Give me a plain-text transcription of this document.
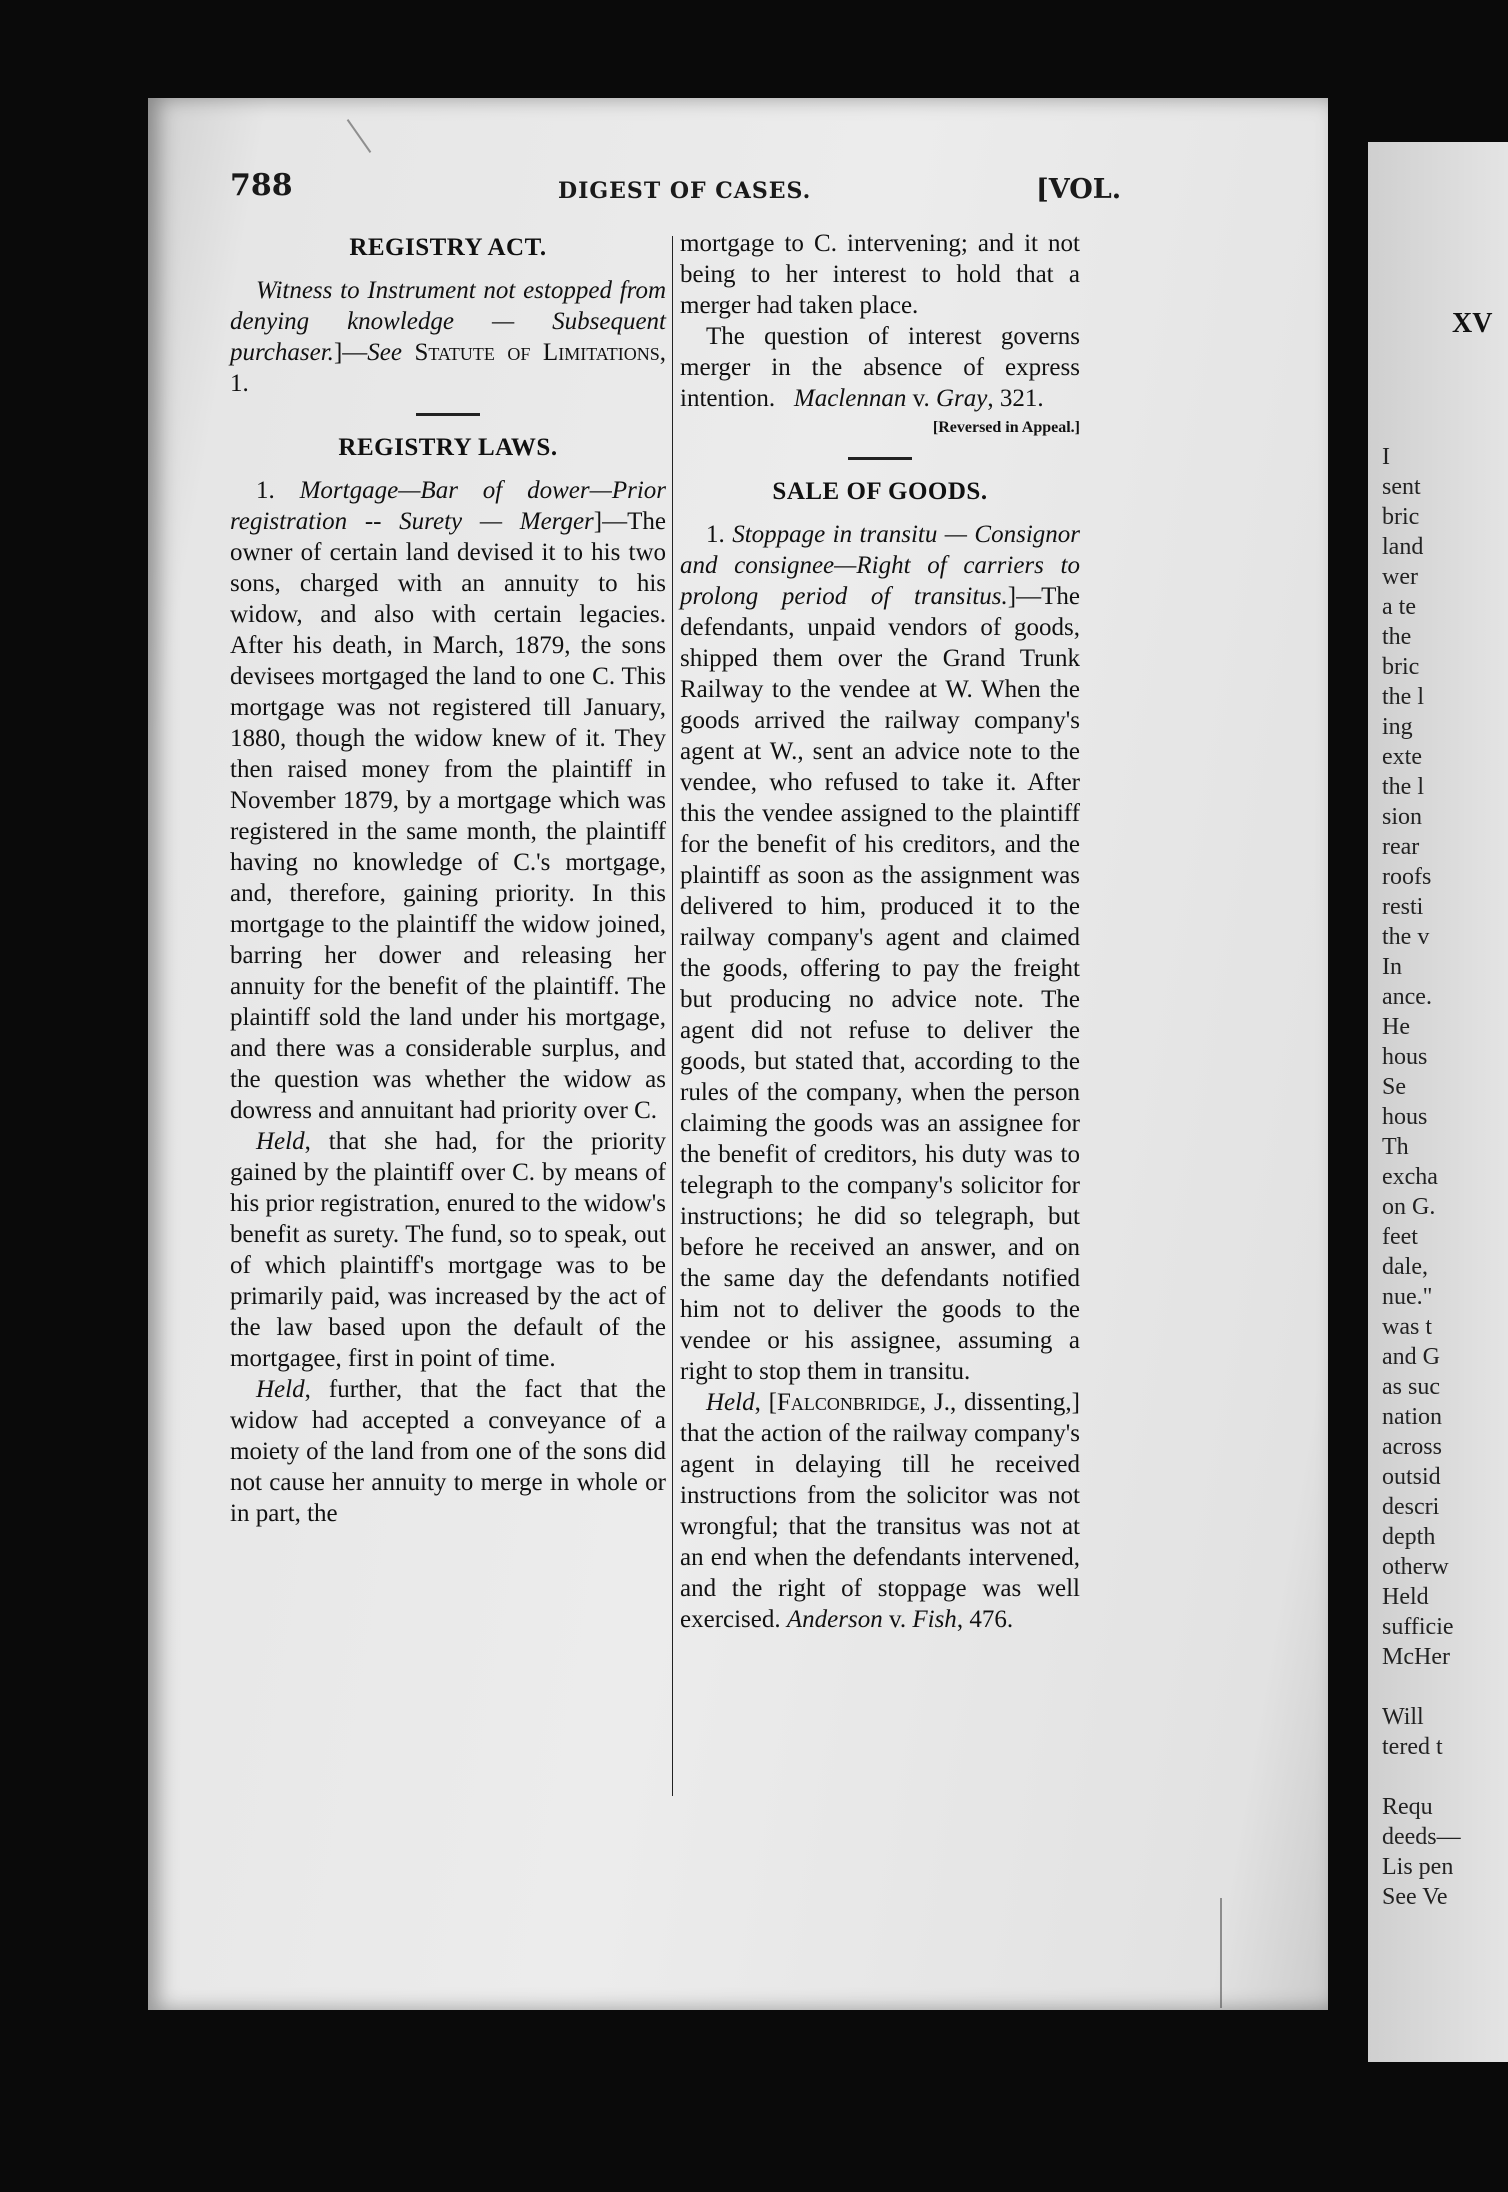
XV
I
sent
bric
land
wer
a te
the
bric
the l
ing
exte
the l
sion
rear
roofs
resti
the v
In
ance.
He
hous
Se
hous
Th
excha
on G.
feet
dale,
nue."
was t
and G
as suc
nation
across
outsid
descri
depth
otherw
Held
sufficie
McHer

Will
tered t

Requ
deeds—
Lis pen
See Ve
788	DIGEST OF CASES.	[VOL.
REGISTRY ACT.

Witness to Instrument not estopped from denying knowledge — Subsequent purchaser.]—See Statute of Limitations, 1.

REGISTRY LAWS.

1. Mortgage—Bar of dower—Prior registration -- Surety — Merger]—The owner of certain land devised it to his two sons, charged with an annuity to his widow, and also with certain legacies. After his death, in March, 1879, the sons devisees mortgaged the land to one C. This mortgage was not registered till January, 1880, though the widow knew of it. They then raised money from the plaintiff in November 1879, by a mortgage which was registered in the same month, the plaintiff having no knowledge of C.'s mortgage, and, therefore, gaining priority. In this mortgage to the plaintiff the widow joined, barring her dower and releasing her annuity for the benefit of the plaintiff. The plaintiff sold the land under his mortgage, and there was a considerable surplus, and the question was whether the widow as dowress and annuitant had priority over C.

Held, that she had, for the priority gained by the plaintiff over C. by means of his prior registration, enured to the widow's benefit as surety. The fund, so to speak, out of which plaintiff's mortgage was to be primarily paid, was increased by the act of the law based upon the default of the mortgagee, first in point of time.

Held, further, that the fact that the widow had accepted a conveyance of a moiety of the land from one of the sons did not cause her annuity to merge in whole or in part, the

mortgage to C. intervening; and it not being to her interest to hold that a merger had taken place.

The question of interest governs merger in the absence of express intention. Maclennan v. Gray, 321.

[Reversed in Appeal.]
SALE OF GOODS.

1. Stoppage in transitu — Consignor and consignee—Right of carriers to prolong period of transitus.]—The defendants, unpaid vendors of goods, shipped them over the Grand Trunk Railway to the vendee at W. When the goods arrived the railway company's agent at W., sent an advice note to the vendee, who refused to take it. After this the vendee assigned to the plaintiff for the benefit of his creditors, and the plaintiff as soon as the assignment was delivered to him, produced it to the railway company's agent and claimed the goods, offering to pay the freight but producing no advice note. The agent did not refuse to deliver the goods, but stated that, according to the rules of the company, when the person claiming the goods was an assignee for the benefit of creditors, his duty was to telegraph to the company's solicitor for instructions; he did so telegraph, but before he received an answer, and on the same day the defendants notified him not to deliver the goods to the vendee or his assignee, assuming a right to stop them in transitu.

Held, [Falconbridge, J., dissenting,] that the action of the railway company's agent in delaying till he received instructions from the solicitor was not wrongful; that the transitus was not at an end when the defendants intervened, and the right of stoppage was well exercised. Anderson v. Fish, 476.
